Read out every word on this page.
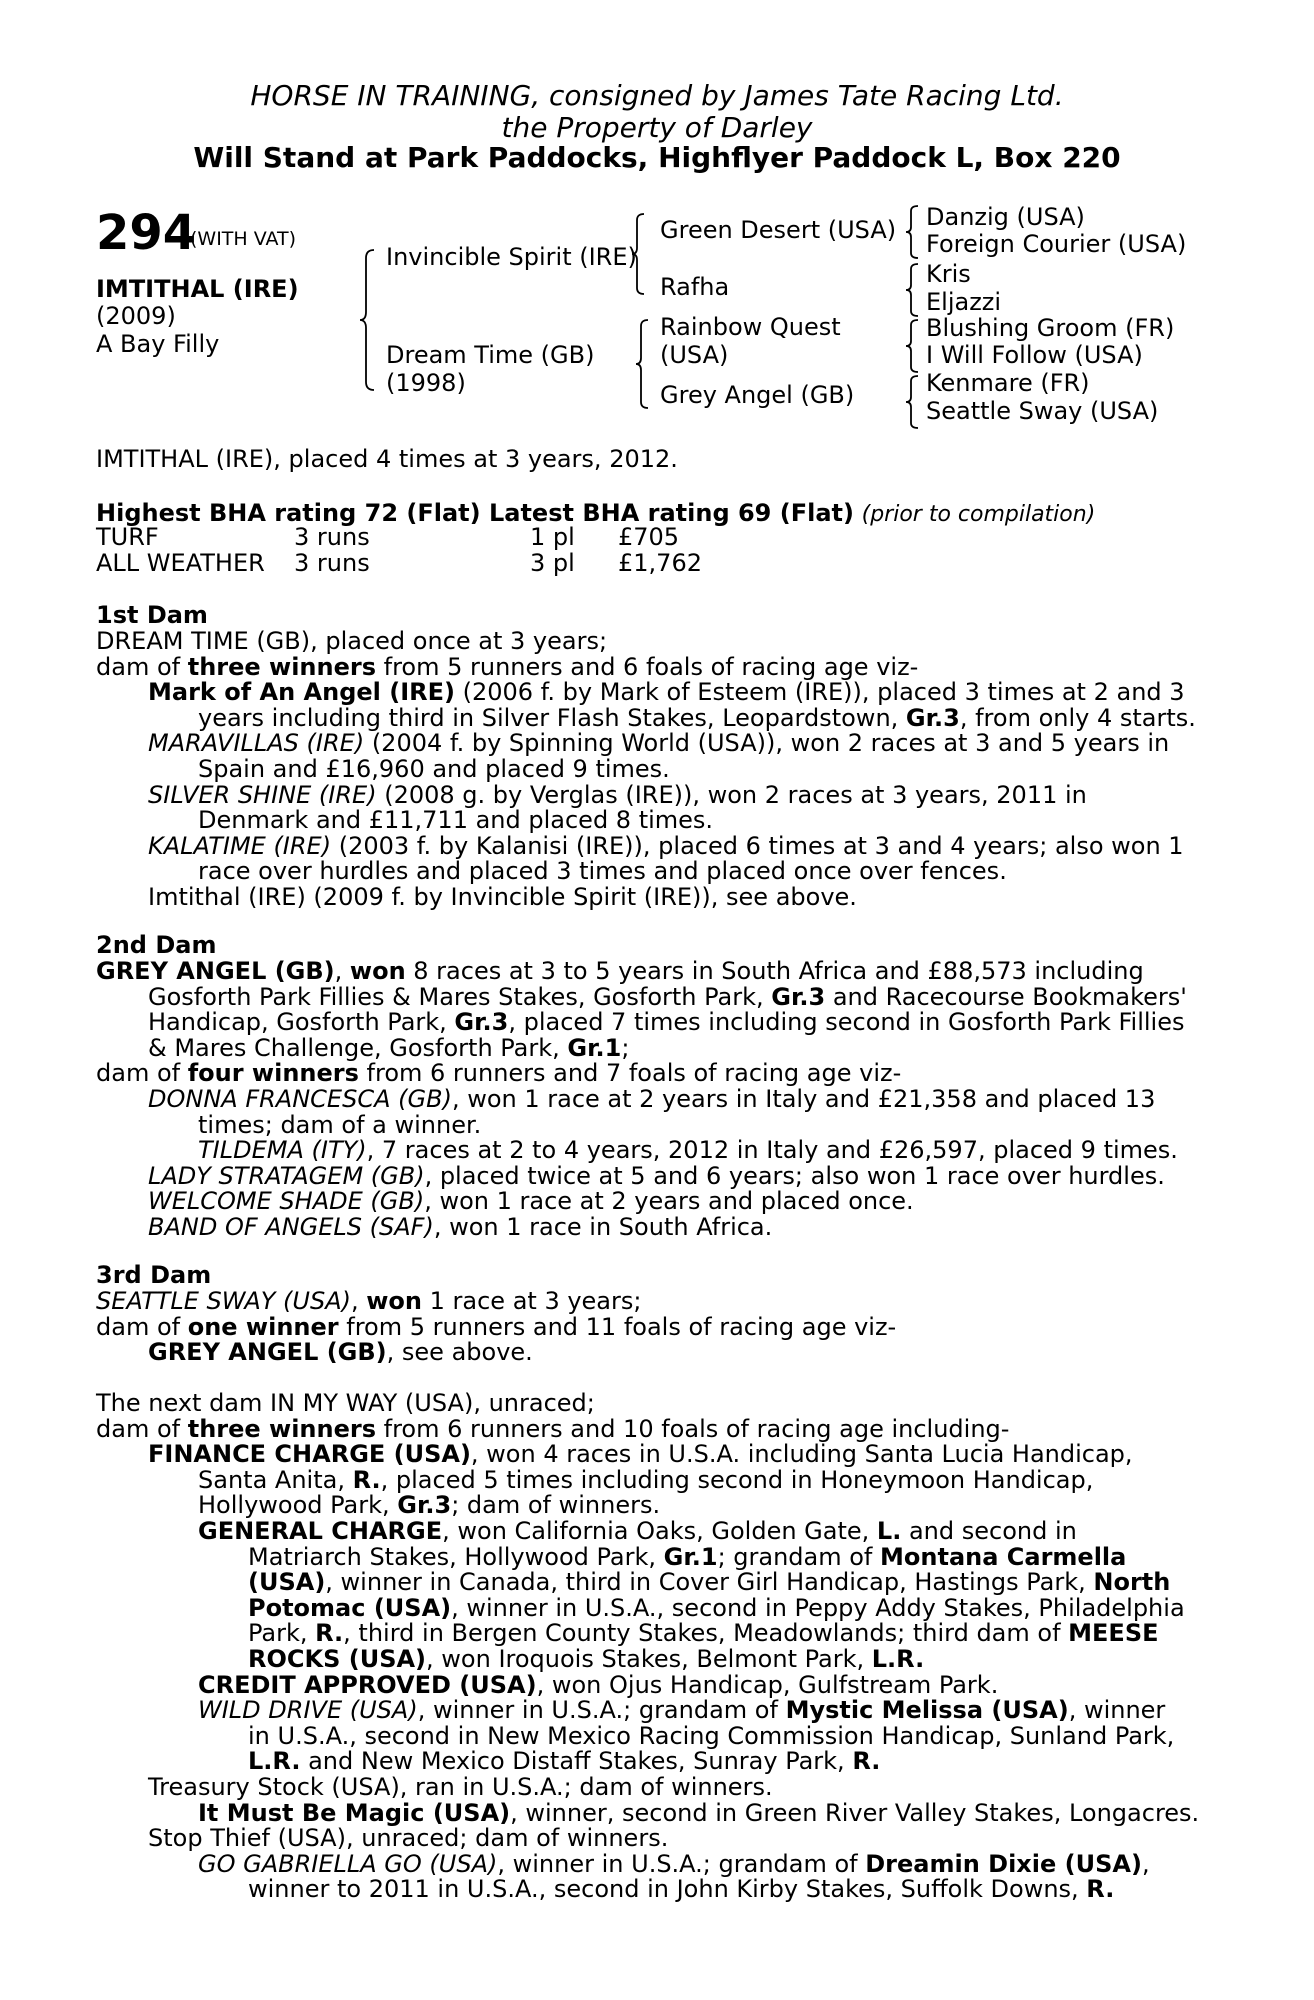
HORSE IN TRAINING, consigned by James Tate Racing Ltd.
the Property of Darley
Will Stand at Park Paddocks, Highflyer Paddock L, Box 220
294
(WITH VAT)
IMTITHAL (IRE)
(2009)
A Bay Filly
Invincible Spirit (IRE)
Dream Time (GB)
(1998)
Green Desert (USA)
Rafha
Rainbow Quest
(USA)
Grey Angel (GB)
Danzig (USA)
Foreign Courier (USA)
Kris
Eljazzi
Blushing Groom (FR)
I Will Follow (USA)
Kenmare (FR)
Seattle Sway (USA)
IMTITHAL (IRE), placed 4 times at 3 years, 2012.
Highest BHA rating 72 (Flat) Latest BHA rating 69 (Flat) (prior to compilation)
TURF	3 runs	1 pl £705
ALL WEATHER 3 runs	3 pl £1,762
1st Dam
DREAM TIME (GB), placed once at 3 years;
dam of three winners from 5 runners and 6 foals of racing age viz-
Mark of An Angel (IRE) (2006 f. by Mark of Esteem (IRE)), placed 3 times at 2 and 3
years including third in Silver Flash Stakes, Leopardstown, Gr.3, from only 4 starts.
MARAVILLAS (IRE) (2004 f. by Spinning World (USA)), won 2 races at 3 and 5 years in
Spain and £16,960 and placed 9 times.
SILVER SHINE (IRE) (2008 g. by Verglas (IRE)), won 2 races at 3 years, 2011 in
Denmark and £11,711 and placed 8 times.
KALATIME (IRE) (2003 f. by Kalanisi (IRE)), placed 6 times at 3 and 4 years; also won 1
race over hurdles and placed 3 times and placed once over fences.
Imtithal (IRE) (2009 f. by Invincible Spirit (IRE)), see above.
2nd Dam
GREY ANGEL (GB), won 8 races at 3 to 5 years in South Africa and £88,573 including
Gosforth Park Fillies & Mares Stakes, Gosforth Park, Gr.3 and Racecourse Bookmakers'
Handicap, Gosforth Park, Gr.3, placed 7 times including second in Gosforth Park Fillies
& Mares Challenge, Gosforth Park, Gr.1;
dam of four winners from 6 runners and 7 foals of racing age viz-
DONNA FRANCESCA (GB), won 1 race at 2 years in Italy and £21,358 and placed 13
times; dam of a winner.
TILDEMA (ITY), 7 races at 2 to 4 years, 2012 in Italy and £26,597, placed 9 times.
LADY STRATAGEM (GB), placed twice at 5 and 6 years; also won 1 race over hurdles.
WELCOME SHADE (GB), won 1 race at 2 years and placed once.
BAND OF ANGELS (SAF), won 1 race in South Africa.
3rd Dam
SEATTLE SWAY (USA), won 1 race at 3 years;
dam of one winner from 5 runners and 11 foals of racing age viz-
GREY ANGEL (GB), see above.
The next dam IN MY WAY (USA), unraced;
dam of three winners from 6 runners and 10 foals of racing age including-
FINANCE CHARGE (USA), won 4 races in U.S.A. including Santa Lucia Handicap,
Santa Anita, R., placed 5 times including second in Honeymoon Handicap,
Hollywood Park, Gr.3; dam of winners.
GENERAL CHARGE, won California Oaks, Golden Gate, L. and second in
Matriarch Stakes, Hollywood Park, Gr.1; grandam of Montana Carmella
(USA), winner in Canada, third in Cover Girl Handicap, Hastings Park, North
Potomac (USA), winner in U.S.A., second in Peppy Addy Stakes, Philadelphia
Park, R., third in Bergen County Stakes, Meadowlands; third dam of MEESE
ROCKS (USA), won Iroquois Stakes, Belmont Park, L.R.
CREDIT APPROVED (USA), won Ojus Handicap, Gulfstream Park.
WILD DRIVE (USA), winner in U.S.A.; grandam of Mystic Melissa (USA), winner
in U.S.A., second in New Mexico Racing Commission Handicap, Sunland Park,
L.R. and New Mexico Distaff Stakes, Sunray Park, R.
Treasury Stock (USA), ran in U.S.A.; dam of winners.
It Must Be Magic (USA), winner, second in Green River Valley Stakes, Longacres.
Stop Thief (USA), unraced; dam of winners.
GO GABRIELLA GO (USA), winner in U.S.A.; grandam of Dreamin Dixie (USA),
winner to 2011 in U.S.A., second in John Kirby Stakes, Suffolk Downs, R.
